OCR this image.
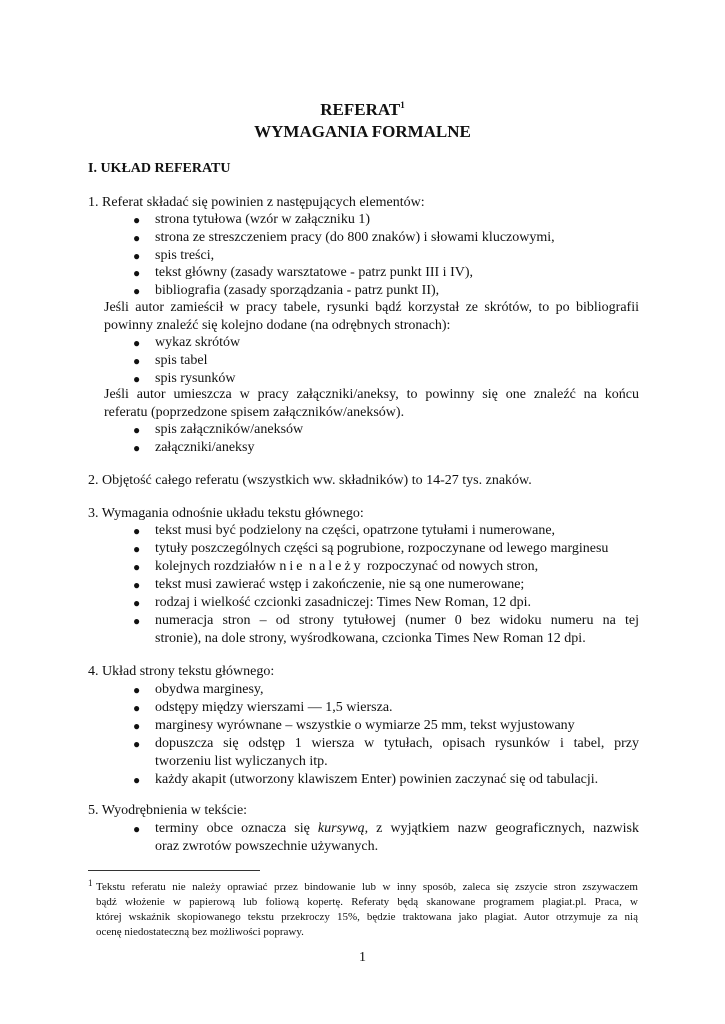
REFERAT$^1$
WYMAGANIA FORMALNE
I. UKŁAD REFERATU
1. Referat składać się powinien z następujących elementów:
● strona tytułowa (wzór w załączniku 1)
● strona ze streszczeniem pracy (do 800 znaków) i słowami kluczowymi,
● spis treści,
● tekst główny (zasady warsztatowe - patrz punkt III i IV),
● bibliografia (zasady sporządzania - patrz punkt II),
Jeśli autor zamieścił w pracy tabele, rysunki bądź korzystał ze skrótów, to po bibliografii
powinny znaleźć się kolejno dodane (na odrębnych stronach):
● wykaz skrótów
● spis tabel
● spis rysunków
Jeśli autor umieszcza w pracy załączniki/aneksy, to powinny się one znaleźć na końcu
referatu (poprzedzone spisem załączników/aneksów).
● spis załączników/aneksów
● załączniki/aneksy
2. Objętość całego referatu (wszystkich ww. składników) to 14-27 tys. znaków.
3. Wymagania odnośnie układu tekstu głównego:
● tekst musi być podzielony na części, opatrzone tytułami i numerowane,
● tytuły poszczególnych części są pogrubione, rozpoczynane od lewego marginesu
● kolejnych rozdziałów nie należy rozpoczynać od nowych stron,
● tekst musi zawierać wstęp i zakończenie, nie są one numerowane;
● rodzaj i wielkość czcionki zasadniczej: Times New Roman, 12 dpi.
● numeracja stron – od strony tytułowej (numer 0 bez widoku numeru na tej
stronie), na dole strony, wyśrodkowana, czcionka Times New Roman 12 dpi.
4. Układ strony tekstu głównego:
● obydwa marginesy,
● odstępy między wierszami — 1,5 wiersza.
● marginesy wyrównane – wszystkie o wymiarze 25 mm, tekst wyjustowany
● dopuszcza się odstęp 1 wiersza w tytułach, opisach rysunków i tabel, przy
tworzeniu list wyliczanych itp.
● każdy akapit (utworzony klawiszem Enter) powinien zaczynać się od tabulacji.
5. Wyodrębnienia w tekście:
● terminy obce oznacza się kursywą, z wyjątkiem nazw geograficznych, nazwisk
oraz zwrotów powszechnie używanych.
1 Tekstu referatu nie należy oprawiać przez bindowanie lub w inny sposób, zaleca się zszycie stron zszywaczem
bądź włożenie w papierową lub foliową kopertę. Referaty będą skanowane programem plagiat.pl. Praca, w
której wskaźnik skopiowanego tekstu przekroczy 15%, będzie traktowana jako plagiat. Autor otrzymuje za nią
ocenę niedostateczną bez możliwości poprawy.
1
